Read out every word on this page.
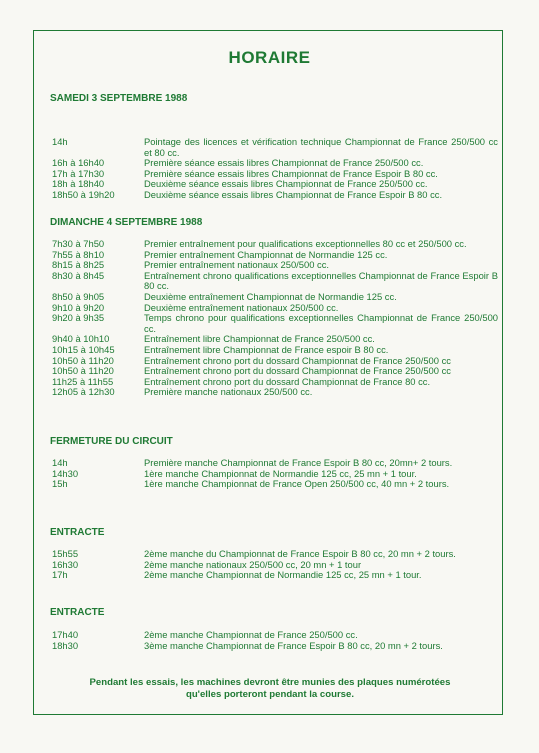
HORAIRE
SAMEDI 3 SEPTEMBRE 1988
14h	Pointage des licences et vérification technique Championnat de France 250/500 cc et 80 cc.
16h à 16h40	Première séance essais libres Championnat de France 250/500 cc.
17h à 17h30	Première séance essais libres Championnat de France Espoir B 80 cc.
18h à 18h40	Deuxième séance essais libres Championnat de France 250/500 cc.
18h50 à 19h20	Deuxième séance essais libres Championnat de France Espoir B 80 cc.
DIMANCHE 4 SEPTEMBRE 1988
7h30 à 7h50	Premier entraînement pour qualifications exceptionnelles 80 cc et 250/500 cc.
7h55 à 8h10	Premier entraînement Championnat de Normandie 125 cc.
8h15 à 8h25	Premier entraînement nationaux 250/500 cc.
8h30 à 8h45	Entraînement chrono qualifications exceptionnelles Championnat de France Espoir B 80 cc.
8h50 à 9h05	Deuxième entraînement Championnat de Normandie 125 cc.
9h10 à 9h20	Deuxième entraînement nationaux 250/500 cc.
9h20 à 9h35	Temps chrono pour qualifications exceptionnelles Championnat de France 250/500 cc.
9h40 à 10h10	Entraînement libre Championnat de France 250/500 cc.
10h15 à 10h45	Entraînement libre Championnat de France espoir B 80 cc.
10h50 à 11h20	Entraînement chrono port du dossard Championnat de France 250/500 cc
10h50 à 11h20	Entraînement chrono port du dossard Championnat de France 250/500 cc
11h25 à 11h55	Entraînement chrono port du dossard Championnat de France 80 cc.
12h05 à 12h30	Première manche nationaux 250/500 cc.
FERMETURE DU CIRCUIT
14h	Première manche Championnat de France Espoir B 80 cc, 20mn+ 2 tours.
14h30	1ère manche Championnat de Normandie 125 cc, 25 mn + 1 tour.
15h	1ère manche Championnat de France Open 250/500 cc, 40 mn + 2 tours.
ENTRACTE
15h55	2ème manche du Championnat de France Espoir B 80 cc, 20 mn + 2 tours.
16h30	2ème manche nationaux 250/500 cc, 20 mn + 1 tour
17h	2ème manche Championnat de Normandie 125 cc, 25 mn + 1 tour.
ENTRACTE
17h40	2ème manche Championnat de France 250/500 cc.
18h30	3ème manche Championnat de France Espoir B 80 cc, 20 mn + 2 tours.
Pendant les essais, les machines devront être munies des plaques numérotées
qu'elles porteront pendant la course.
